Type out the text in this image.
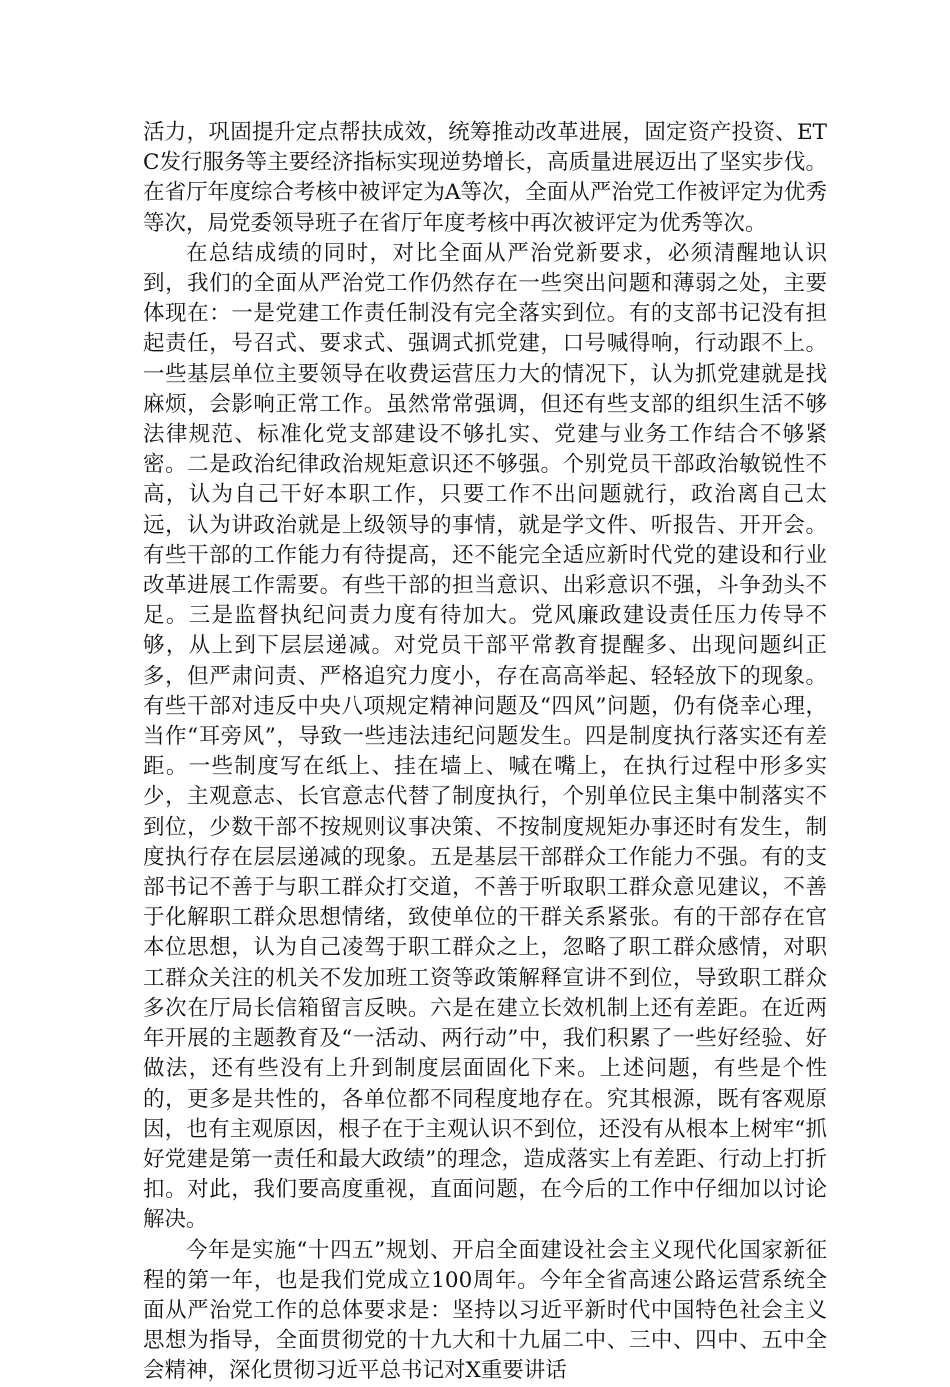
活力，巩固提升定点帮扶成效，统筹推动改革进展，固定资产投资、ETC发行服务等主要经济指标实现逆势增长，高质量进展迈出了坚实步伐。在省厅年度综合考核中被评定为A等次，全面从严治党工作被评定为优秀等次，局党委领导班子在省厅年度考核中再次被评定为优秀等次。

在总结成绩的同时，对比全面从严治党新要求，必须清醒地认识到，我们的全面从严治党工作仍然存在一些突出问题和薄弱之处，主要体现在：一是党建工作责任制没有完全落实到位。有的支部书记没有担起责任，号召式、要求式、强调式抓党建，口号喊得响，行动跟不上。一些基层单位主要领导在收费运营压力大的情况下，认为抓党建就是找麻烦，会影响正常工作。虽然常常强调，但还有些支部的组织生活不够法律规范、标准化党支部建设不够扎实、党建与业务工作结合不够紧密。二是政治纪律政治规矩意识还不够强。个别党员干部政治敏锐性不高，认为自己干好本职工作，只要工作不出问题就行，政治离自己太远，认为讲政治就是上级领导的事情，就是学文件、听报告、开开会。有些干部的工作能力有待提高，还不能完全适应新时代党的建设和行业改革进展工作需要。有些干部的担当意识、出彩意识不强，斗争劲头不足。三是监督执纪问责力度有待加大。党风廉政建设责任压力传导不够，从上到下层层递减。对党员干部平常教育提醒多、出现问题纠正多，但严肃问责、严格追究力度小，存在高高举起、轻轻放下的现象。有些干部对违反中央八项规定精神问题及“四风”问题，仍有侥幸心理，当作“耳旁风”，导致一些违法违纪问题发生。四是制度执行落实还有差距。一些制度写在纸上、挂在墙上、喊在嘴上，在执行过程中形多实少，主观意志、长官意志代替了制度执行，个别单位民主集中制落实不到位，少数干部不按规则议事决策、不按制度规矩办事还时有发生，制度执行存在层层递减的现象。五是基层干部群众工作能力不强。有的支部书记不善于与职工群众打交道，不善于听取职工群众意见建议，不善于化解职工群众思想情绪，致使单位的干群关系紧张。有的干部存在官本位思想，认为自己凌驾于职工群众之上，忽略了职工群众感情，对职工群众关注的机关不发加班工资等政策解释宣讲不到位，导致职工群众多次在厅局长信箱留言反映。六是在建立长效机制上还有差距。在近两年开展的主题教育及“一活动、两行动”中，我们积累了一些好经验、好做法，还有些没有上升到制度层面固化下来。上述问题，有些是个性的，更多是共性的，各单位都不同程度地存在。究其根源，既有客观原因，也有主观原因，根子在于主观认识不到位，还没有从根本上树牢“抓好党建是第一责任和最大政绩”的理念，造成落实上有差距、行动上打折扣。对此，我们要高度重视，直面问题，在今后的工作中仔细加以讨论解决。

今年是实施“十四五”规划、开启全面建设社会主义现代化国家新征程的第一年，也是我们党成立100周年。今年全省高速公路运营系统全面从严治党工作的总体要求是：坚持以习近平新时代中国特色社会主义思想为指导，全面贯彻党的十九大和十九届二中、三中、四中、五中全会精神，深化贯彻习近平总书记对X重要讲话
